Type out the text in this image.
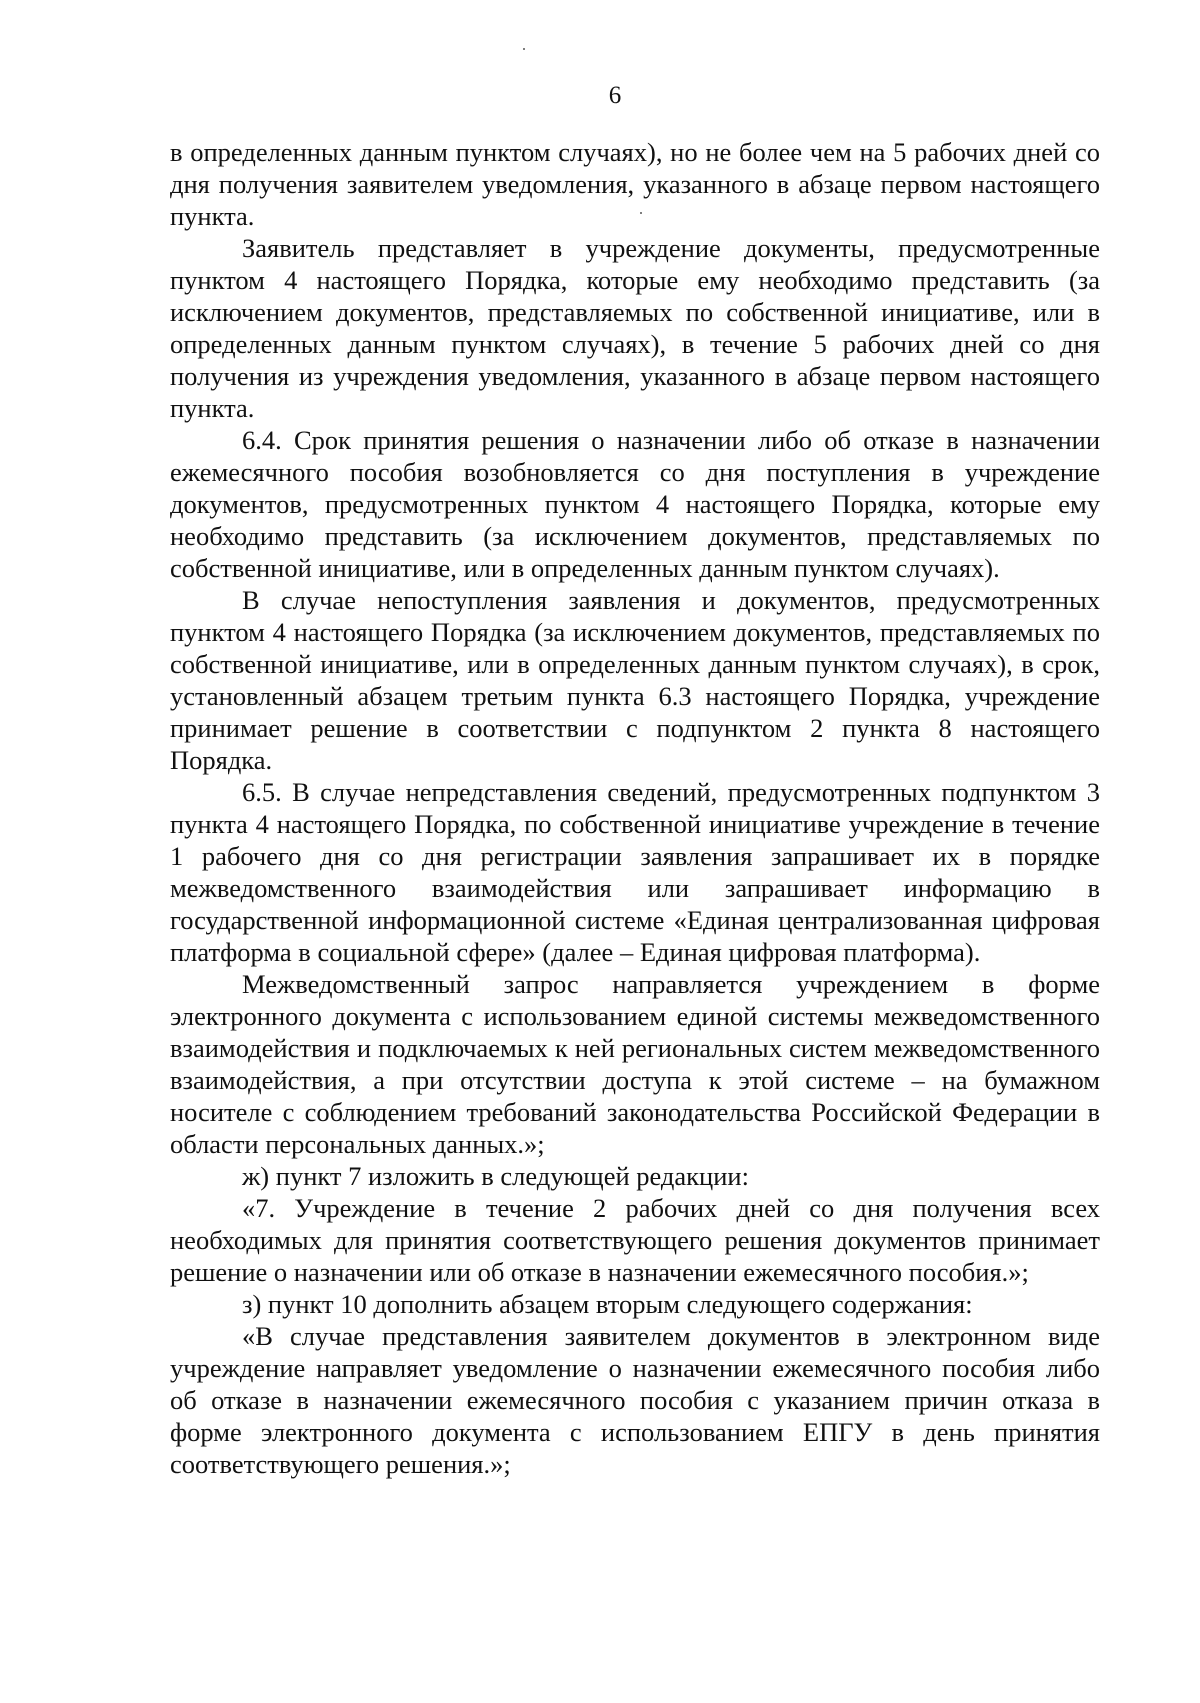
6

в определенных данным пунктом случаях), но не более чем на 5 рабочих дней со дня получения заявителем уведомления, указанного в абзаце первом настоящего пункта.

Заявитель представляет в учреждение документы, предусмотренные пунктом 4 настоящего Порядка, которые ему необходимо представить (за исключением документов, представляемых по собственной инициативе, или в определенных данным пунктом случаях), в течение 5 рабочих дней со дня получения из учреждения уведомления, указанного в абзаце первом настоящего пункта.

6.4. Срок принятия решения о назначении либо об отказе в назначении ежемесячного пособия возобновляется со дня поступления в учреждение документов, предусмотренных пунктом 4 настоящего Порядка, которые ему необходимо представить (за исключением документов, представляемых по собственной инициативе, или в определенных данным пунктом случаях).

В случае непоступления заявления и документов, предусмотренных пунктом 4 настоящего Порядка (за исключением документов, представляемых по собственной инициативе, или в определенных данным пунктом случаях), в срок, установленный абзацем третьим пункта 6.3 настоящего Порядка, учреждение принимает решение в соответствии с подпунктом 2 пункта 8 настоящего Порядка.

6.5. В случае непредставления сведений, предусмотренных подпунктом 3 пункта 4 настоящего Порядка, по собственной инициативе учреждение в течение 1 рабочего дня со дня регистрации заявления запрашивает их в порядке межведомственного взаимодействия или запрашивает информацию в государственной информационной системе «Единая централизованная цифровая платформа в социальной сфере» (далее – Единая цифровая платформа).

Межведомственный запрос направляется учреждением в форме электронного документа с использованием единой системы межведомственного взаимодействия и подключаемых к ней региональных систем межведомственного взаимодействия, а при отсутствии доступа к этой системе – на бумажном носителе с соблюдением требований законодательства Российской Федерации в области персональных данных.»;

ж) пункт 7 изложить в следующей редакции:

«7. Учреждение в течение 2 рабочих дней со дня получения всех необходимых для принятия соответствующего решения документов принимает решение о назначении или об отказе в назначении ежемесячного пособия.»;

з) пункт 10 дополнить абзацем вторым следующего содержания:

«В случае представления заявителем документов в электронном виде учреждение направляет уведомление о назначении ежемесячного пособия либо об отказе в назначении ежемесячного пособия с указанием причин отказа в форме электронного документа с использованием ЕПГУ в день принятия соответствующего решения.»;
